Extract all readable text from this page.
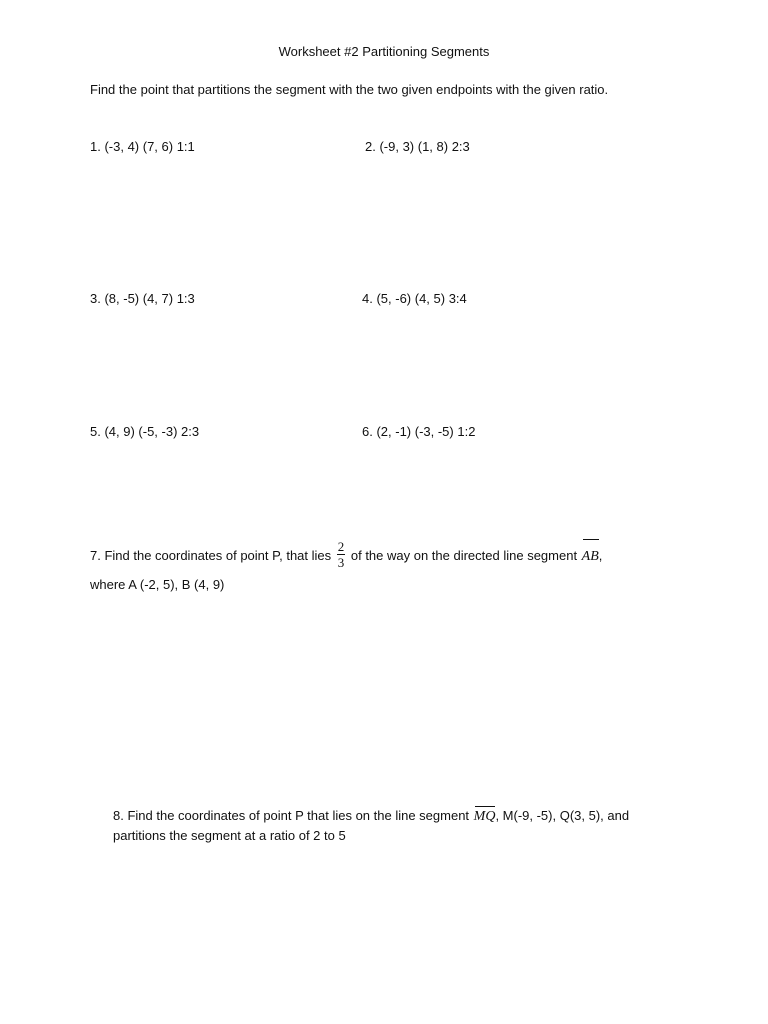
Worksheet #2 Partitioning Segments
Find the point that partitions the segment with the two given endpoints with the given ratio.
1. (-3, 4) (7, 6) 1:1	2. (-9, 3) (1, 8) 2:3
3. (8, -5) (4, 7) 1:3	4. (5, -6) (4, 5) 3:4
5. (4, 9) (-5, -3) 2:3	6. (2, -1) (-3, -5) 1:2
7. Find the coordinates of point P, that lies $\frac{2}{3}$ of the way on the directed line segment
AB,
where A (-2, 5), B (4, 9)
8. Find the coordinates of point P that lies on the line segment
MQ, M(-9, -5), Q(3, 5), and
partitions the segment at a ratio of 2 to 5
